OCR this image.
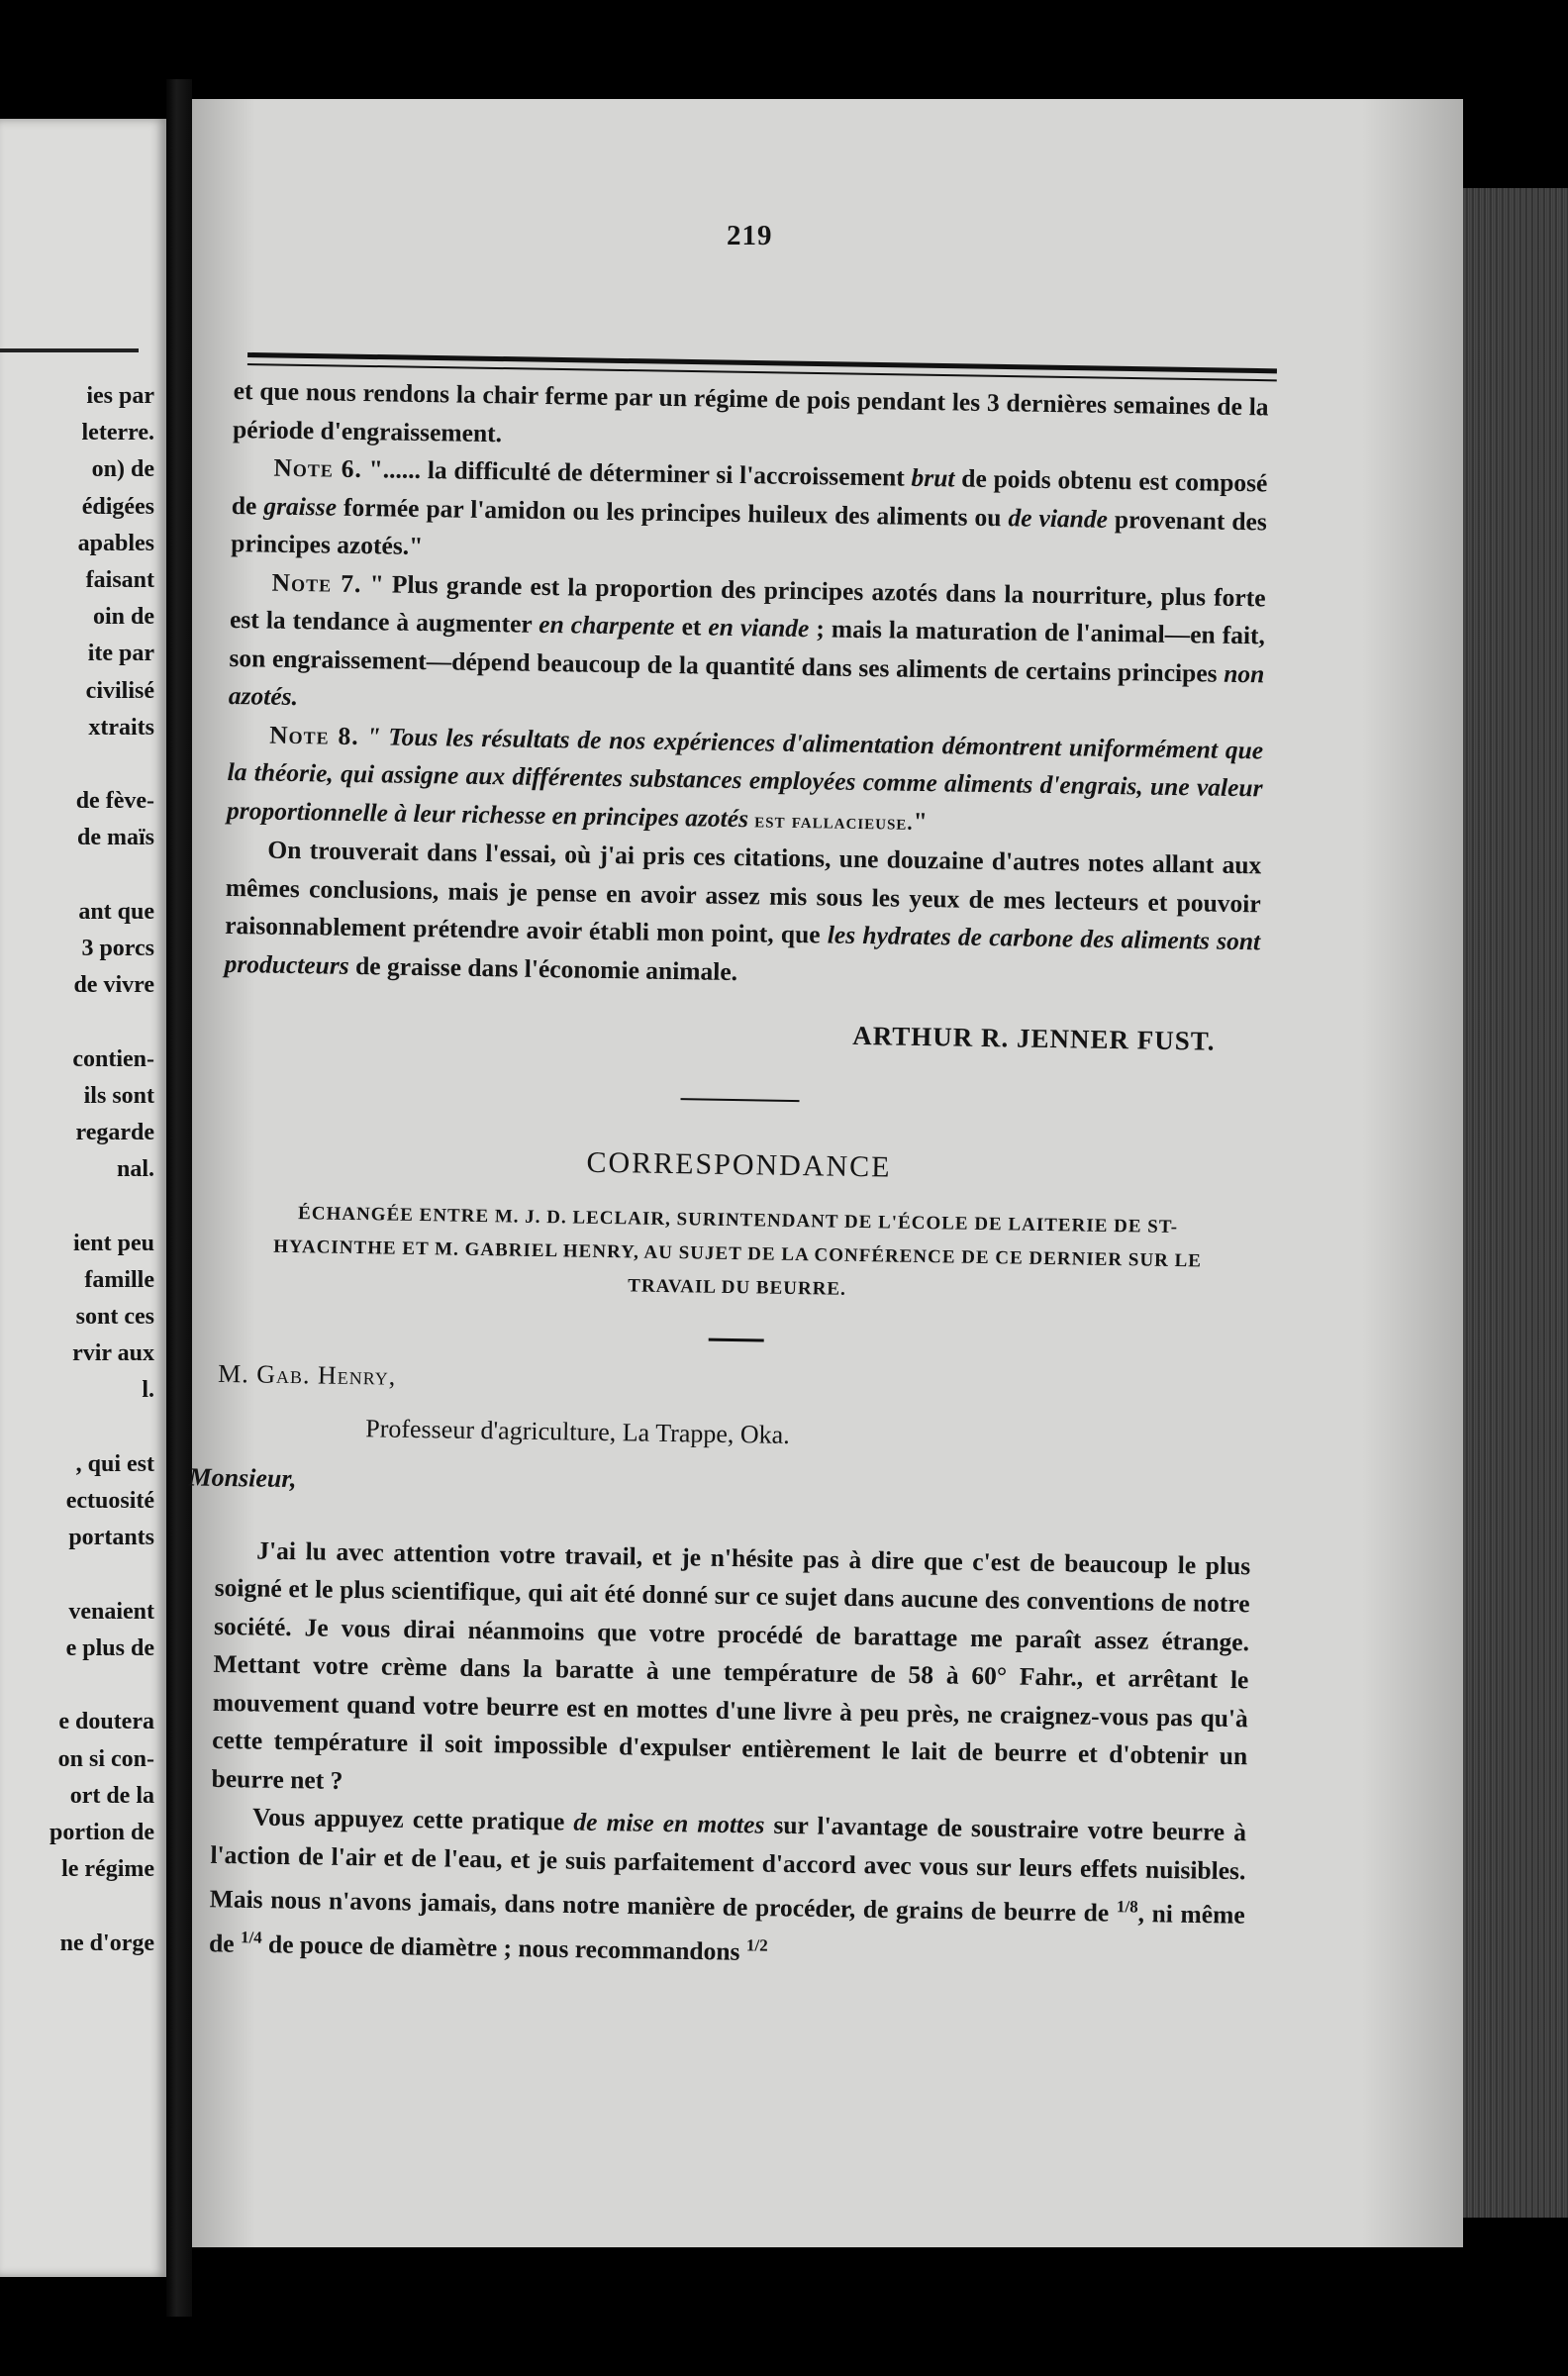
ies par
leterre.
on) de
édigées
apables
faisant
oin de
ite par
civilisé
xtraits

de fève-
de maïs

ant que
3 porcs
de vivre

contien-
ils sont
regarde
nal.

ient peu
famille
sont ces
rvir aux
l.

, qui est
ectuosité
portants

venaient
e plus de

e doutera
on si con-
ort de la
portion de
le régime

ne d'orge
219

et que nous rendons la chair ferme par un régime de pois pendant les 3 dernières semaines de la période d'engraissement.

Note 6. "...... la difficulté de déterminer si l'accroissement brut de poids obtenu est composé de graisse formée par l'amidon ou les principes huileux des aliments ou de viande provenant des principes azotés."

Note 7. " Plus grande est la proportion des principes azotés dans la nourriture, plus forte est la tendance à augmenter en charpente et en viande ; mais la maturation de l'animal—en fait, son engraissement—dépend beaucoup de la quantité dans ses aliments de certains principes non azotés.

Note 8. " Tous les résultats de nos expériences d'alimentation démontrent uniformément que la théorie, qui assigne aux différentes substances employées comme aliments d'engrais, une valeur proportionnelle à leur richesse en principes azotés est fallacieuse."

On trouverait dans l'essai, où j'ai pris ces citations, une douzaine d'autres notes allant aux mêmes conclusions, mais je pense en avoir assez mis sous les yeux de mes lecteurs et pouvoir raisonnablement prétendre avoir établi mon point, que les hydrates de carbone des aliments sont producteurs de graisse dans l'économie animale.

ARTHUR R. JENNER FUST.
CORRESPONDANCE
ÉCHANGÉE ENTRE M. J. D. LECLAIR, SURINTENDANT DE L'ÉCOLE DE LAITERIE DE ST-HYACINTHE ET M. GABRIEL HENRY, AU SUJET DE LA CONFÉRENCE DE CE DERNIER SUR LE TRAVAIL DU BEURRE.
M. Gab. Henry,
Professeur d'agriculture, La Trappe, Oka.
Monsieur,

J'ai lu avec attention votre travail, et je n'hésite pas à dire que c'est de beaucoup le plus soigné et le plus scientifique, qui ait été donné sur ce sujet dans aucune des conventions de notre société. Je vous dirai néanmoins que votre procédé de barattage me paraît assez étrange. Mettant votre crème dans la baratte à une température de 58 à 60° Fahr., et arrêtant le mouvement quand votre beurre est en mottes d'une livre à peu près, ne craignez-vous pas qu'à cette température il soit impossible d'expulser entièrement le lait de beurre et d'obtenir un beurre net ?

Vous appuyez cette pratique de mise en mottes sur l'avantage de soustraire votre beurre à l'action de l'air et de l'eau, et je suis parfaitement d'accord avec vous sur leurs effets nuisibles. Mais nous n'avons jamais, dans notre manière de procéder, de grains de beurre de $^{1/8}$, ni même de $^{1/4}$ de pouce de diamètre ; nous recommandons $^{1/2}$
